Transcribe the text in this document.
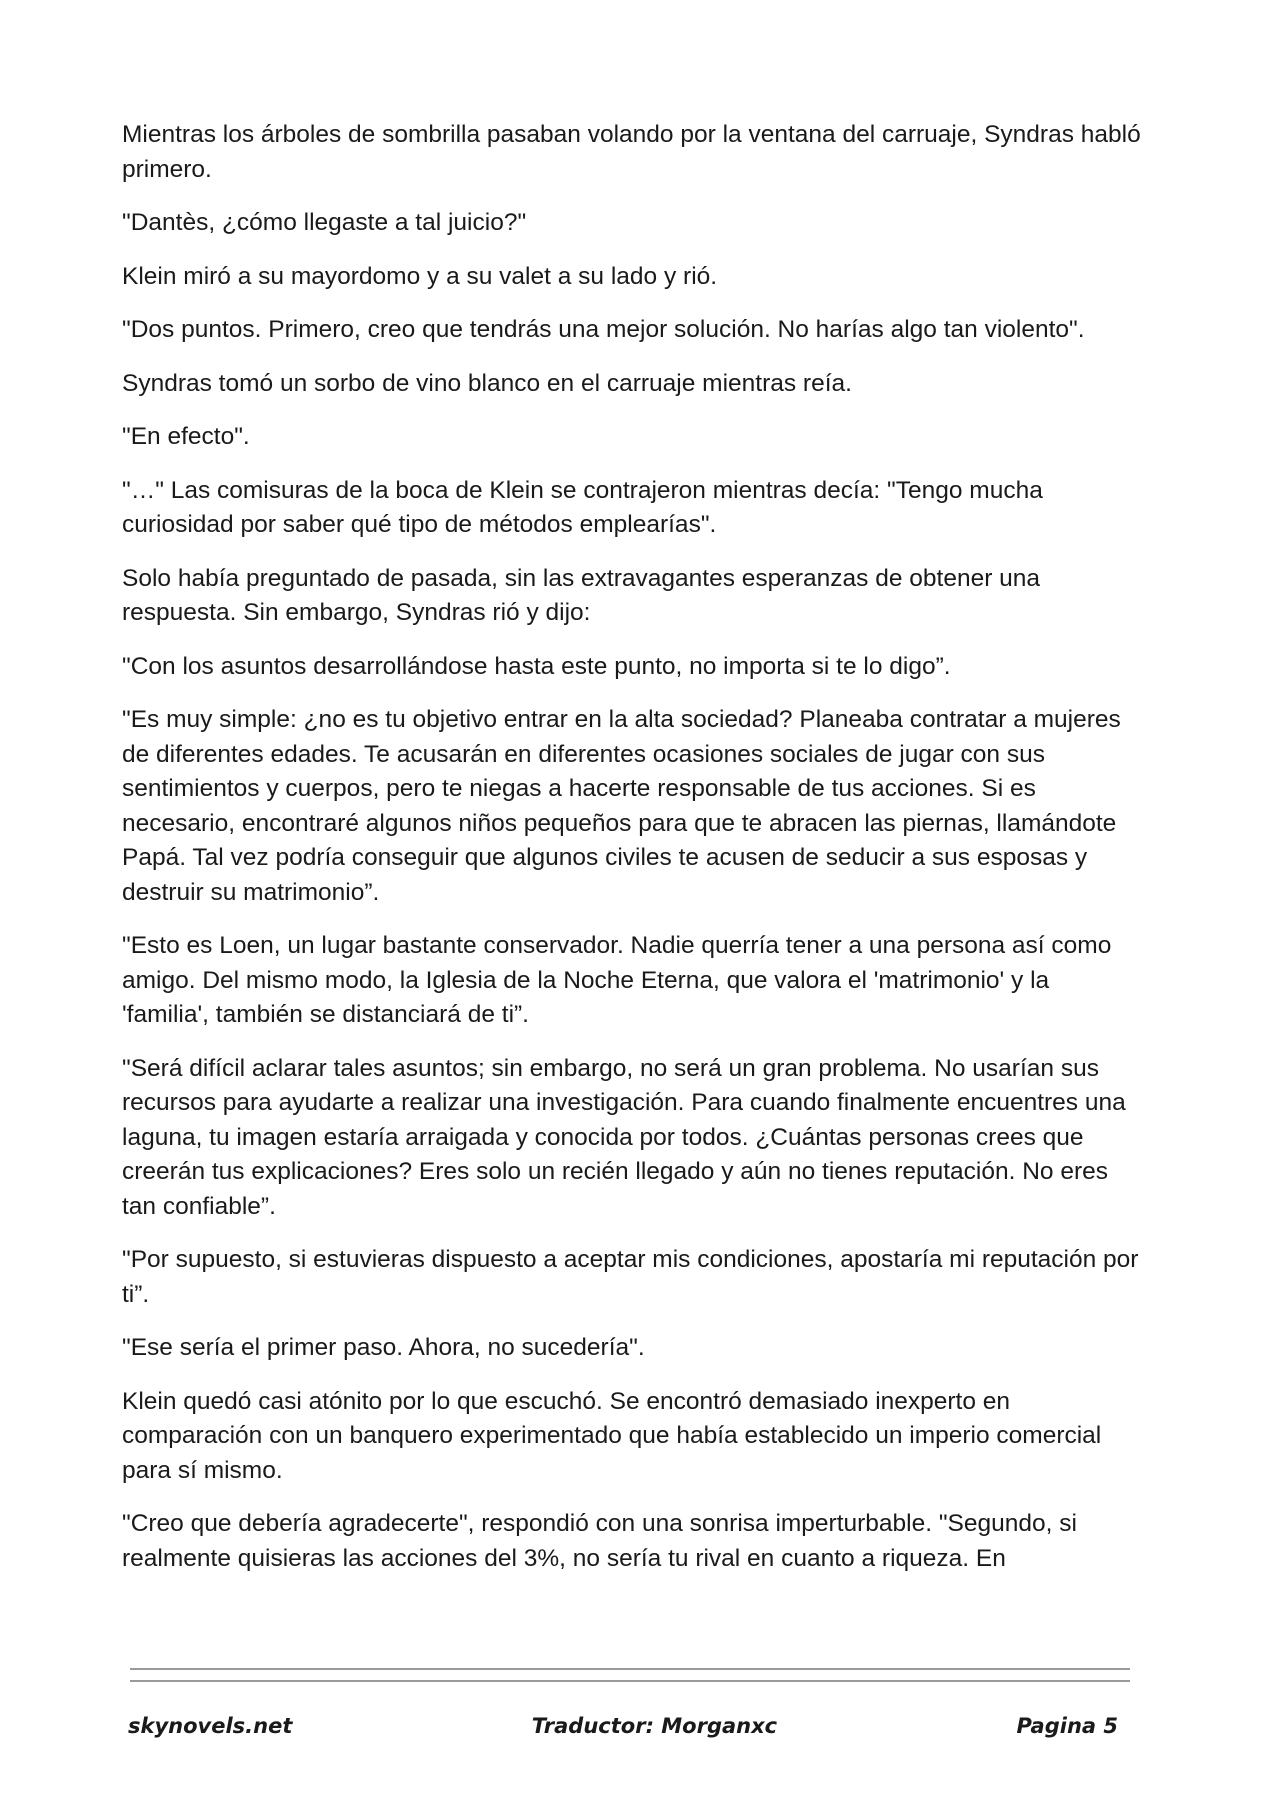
Mientras los árboles de sombrilla pasaban volando por la ventana del carruaje, Syndras habló primero.

"Dantès, ¿cómo llegaste a tal juicio?"

Klein miró a su mayordomo y a su valet a su lado y rió.

"Dos puntos. Primero, creo que tendrás una mejor solución. No harías algo tan violento".

Syndras tomó un sorbo de vino blanco en el carruaje mientras reía.

"En efecto".

"…" Las comisuras de la boca de Klein se contrajeron mientras decía: "Tengo mucha curiosidad por saber qué tipo de métodos emplearías".

Solo había preguntado de pasada, sin las extravagantes esperanzas de obtener una respuesta. Sin embargo, Syndras rió y dijo:

"Con los asuntos desarrollándose hasta este punto, no importa si te lo digo”.

"Es muy simple: ¿no es tu objetivo entrar en la alta sociedad? Planeaba contratar a mujeres de diferentes edades. Te acusarán en diferentes ocasiones sociales de jugar con sus sentimientos y cuerpos, pero te niegas a hacerte responsable de tus acciones. Si es necesario, encontraré algunos niños pequeños para que te abracen las piernas, llamándote Papá. Tal vez podría conseguir que algunos civiles te acusen de seducir a sus esposas y destruir su matrimonio”.

"Esto es Loen, un lugar bastante conservador. Nadie querría tener a una persona así como amigo. Del mismo modo, la Iglesia de la Noche Eterna, que valora el 'matrimonio' y la 'familia', también se distanciará de ti”.

"Será difícil aclarar tales asuntos; sin embargo, no será un gran problema. No usarían sus recursos para ayudarte a realizar una investigación. Para cuando finalmente encuentres una laguna, tu imagen estaría arraigada y conocida por todos. ¿Cuántas personas crees que creerán tus explicaciones? Eres solo un recién llegado y aún no tienes reputación. No eres tan confiable”.

"Por supuesto, si estuvieras dispuesto a aceptar mis condiciones, apostaría mi reputación por ti”.

"Ese sería el primer paso. Ahora, no sucedería".

Klein quedó casi atónito por lo que escuchó. Se encontró demasiado inexperto en comparación con un banquero experimentado que había establecido un imperio comercial para sí mismo.

"Creo que debería agradecerte", respondió con una sonrisa imperturbable. "Segundo, si realmente quisieras las acciones del 3%, no sería tu rival en cuanto a riqueza. En

skynovels.net	Traductor: Morganxc	Pagina 5
